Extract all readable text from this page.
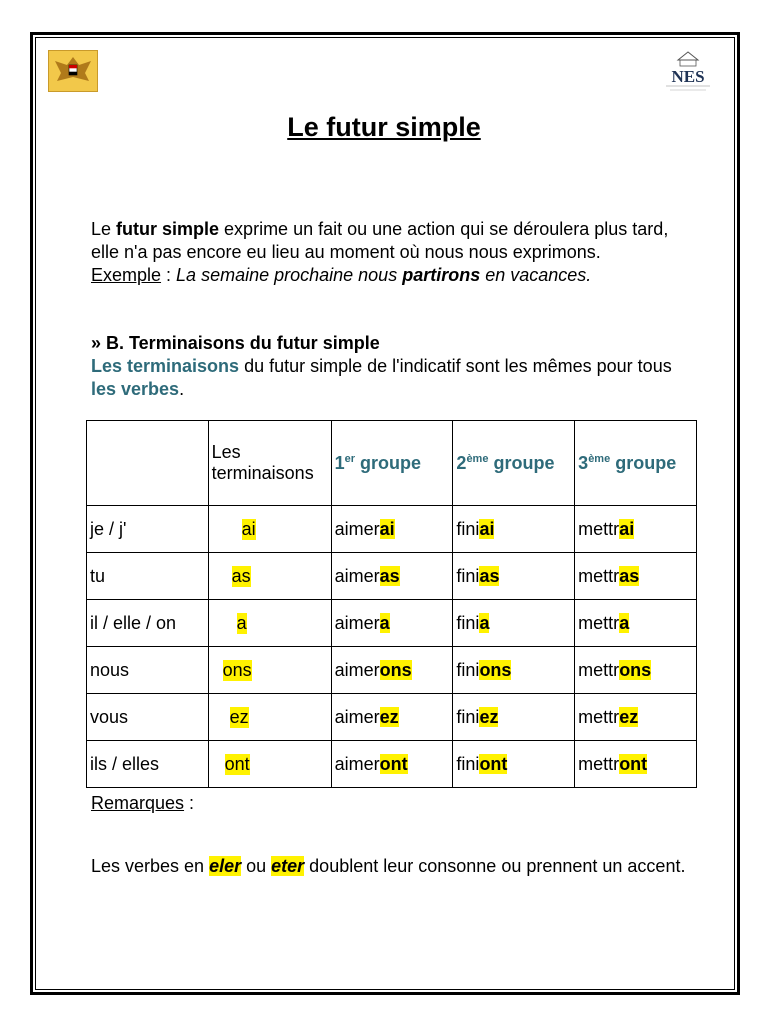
NES
Le futur simple
Le futur simple exprime un fait ou une action qui se déroulera plus tard, elle n'a pas encore eu lieu au moment où nous nous exprimons.
Exemple : La semaine prochaine nous partirons en vacances.
» B. Terminaisons du futur simple
Les terminaisons du futur simple de l'indicatif sont les mêmes pour tous les verbes.
	Les terminaisons	1er groupe	2ème groupe	3ème groupe
je / j'	ai	aimerai	finiai	mettrai
tu	as	aimeras	finias	mettras
il / elle / on	a	aimera	finia	mettra
nous	ons	aimerons	finions	mettrons
vous	ez	aimerez	finiez	mettrez
ils / elles	ont	aimeront	finiont	mettront
Remarques :
Les verbes en eler ou eter doublent leur consonne ou prennent un accent.
